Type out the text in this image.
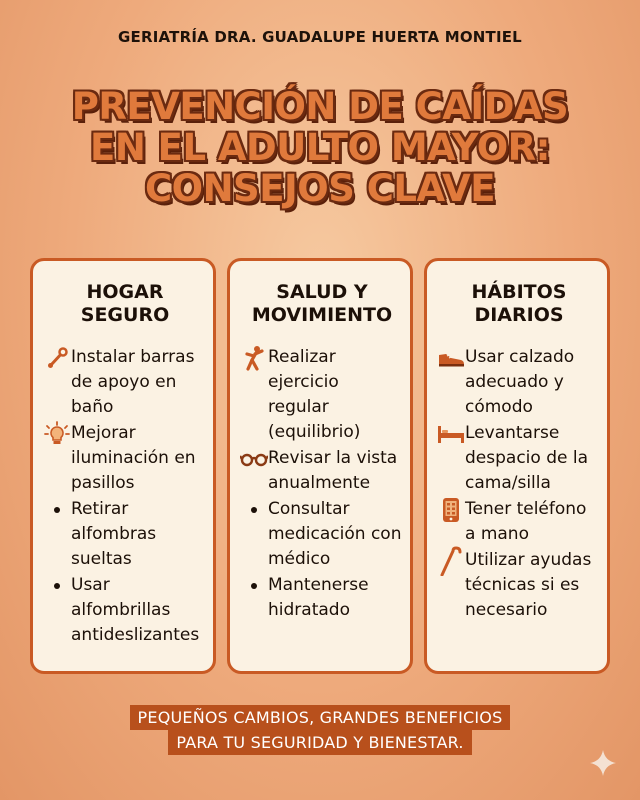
GERIATRÍA DRA. GUADALUPE HUERTA MONTIEL
PREVENCIÓN DE CAÍDAS
EN EL ADULTO MAYOR:
CONSEJOS CLAVE
HOGAR
SEGURO
Instalar barras de apoyo en baño
Mejorar iluminación en pasillos
Retirar alfombras sueltas
Usar alfombrillas antideslizantes
SALUD Y
MOVIMIENTO
Realizar ejercicio regular (equilibrio)
Revisar la vista anualmente
Consultar medicación con médico
Mantenerse hidratado
HÁBITOS
DIARIOS
Usar calzado adecuado y cómodo
Levantarse despacio de la cama/silla
Tener teléfono a mano
Utilizar ayudas técnicas si es necesario
PEQUEÑOS CAMBIOS, GRANDES BENEFICIOS
PARA TU SEGURIDAD Y BIENESTAR.
